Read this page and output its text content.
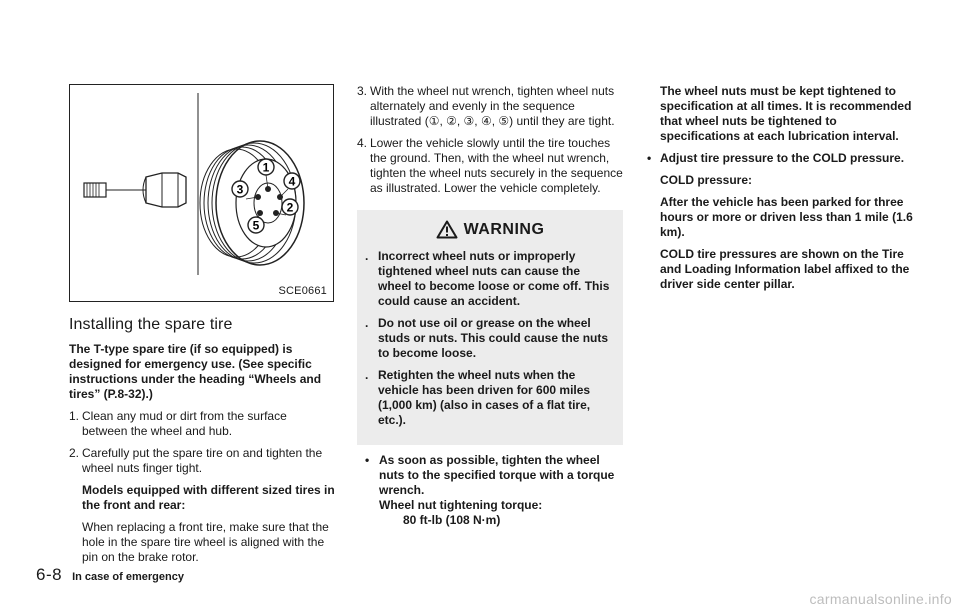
1
4
3
2
5
SCE0661
Installing the spare tire

The T-type spare tire (if so equipped) is designed for emergency use. (See specific instructions under the heading “Wheels and tires” (P.8-32).)

1. Clean any mud or dirt from the surface between the wheel and hub.
2. Carefully put the spare tire on and tighten the wheel nuts finger tight.

Models equipped with different sized tires in the front and rear:

When replacing a front tire, make sure that the hole in the spare tire wheel is aligned with the pin on the brake rotor.

3. With the wheel nut wrench, tighten wheel nuts alternately and evenly in the sequence illustrated (①, ②, ③, ④, ⑤) until they are tight.
4. Lower the vehicle slowly until the tire touches the ground. Then, with the wheel nut wrench, tighten the wheel nuts securely in the sequence as illustrated. Lower the vehicle completely.
WARNING
. Incorrect wheel nuts or improperly tightened wheel nuts can cause the wheel to become loose or come off. This could cause an accident.
. Do not use oil or grease on the wheel studs or nuts. This could cause the nuts to become loose.
. Retighten the wheel nuts when the vehicle has been driven for 600 miles (1,000 km) (also in cases of a flat tire, etc.).
• As soon as possible, tighten the wheel nuts to the specified torque with a torque wrench.
Wheel nut tightening torque:
80 ft-lb (108 N·m)

The wheel nuts must be kept tightened to specification at all times. It is recommended that wheel nuts be tightened to specifications at each lubrication interval.

• Adjust tire pressure to the COLD pressure.

COLD pressure:

After the vehicle has been parked for three hours or more or driven less than 1 mile (1.6 km).

COLD tire pressures are shown on the Tire and Loading Information label affixed to the driver side center pillar.

6-8 In case of emergency
carmanualsonline.info
